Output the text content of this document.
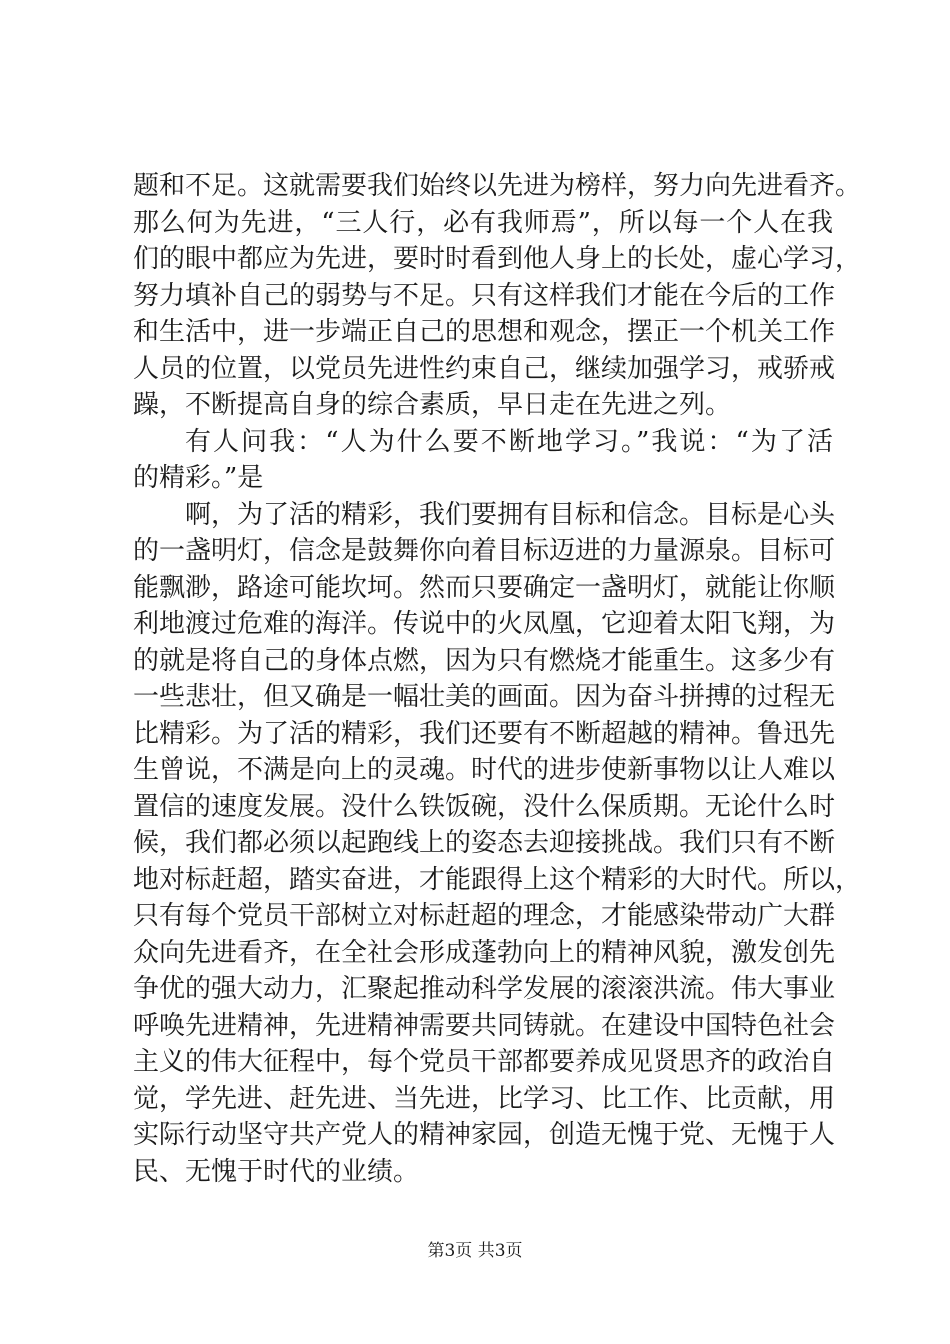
题和不足。这就需要我们始终以先进为榜样，努力向先进看齐。
那么何为先进，“三人行，必有我师焉”，所以每一个人在我
们的眼中都应为先进，要时时看到他人身上的长处，虚心学习，
努力填补自己的弱势与不足。只有这样我们才能在今后的工作
和生活中，进一步端正自己的思想和观念，摆正一个机关工作
人员的位置，以党员先进性约束自己，继续加强学习，戒骄戒
躁，不断提高自身的综合素质，早日走在先进之列。
有人问我：“人为什么要不断地学习。”我说：“为了活
的精彩。”是
啊，为了活的精彩，我们要拥有目标和信念。目标是心头
的一盏明灯，信念是鼓舞你向着目标迈进的力量源泉。目标可
能飘渺，路途可能坎坷。然而只要确定一盏明灯，就能让你顺
利地渡过危难的海洋。传说中的火凤凰，它迎着太阳飞翔，为
的就是将自己的身体点燃，因为只有燃烧才能重生。这多少有
一些悲壮，但又确是一幅壮美的画面。因为奋斗拼搏的过程无
比精彩。为了活的精彩，我们还要有不断超越的精神。鲁迅先
生曾说，不满是向上的灵魂。时代的进步使新事物以让人难以
置信的速度发展。没什么铁饭碗，没什么保质期。无论什么时
候，我们都必须以起跑线上的姿态去迎接挑战。我们只有不断
地对标赶超，踏实奋进，才能跟得上这个精彩的大时代。所以，
只有每个党员干部树立对标赶超的理念，才能感染带动广大群
众向先进看齐，在全社会形成蓬勃向上的精神风貌，激发创先
争优的强大动力，汇聚起推动科学发展的滚滚洪流。伟大事业
呼唤先进精神，先进精神需要共同铸就。在建设中国特色社会
主义的伟大征程中，每个党员干部都要养成见贤思齐的政治自
觉，学先进、赶先进、当先进，比学习、比工作、比贡献，用
实际行动坚守共产党人的精神家园，创造无愧于党、无愧于人
民、无愧于时代的业绩。
第3页 共3页
